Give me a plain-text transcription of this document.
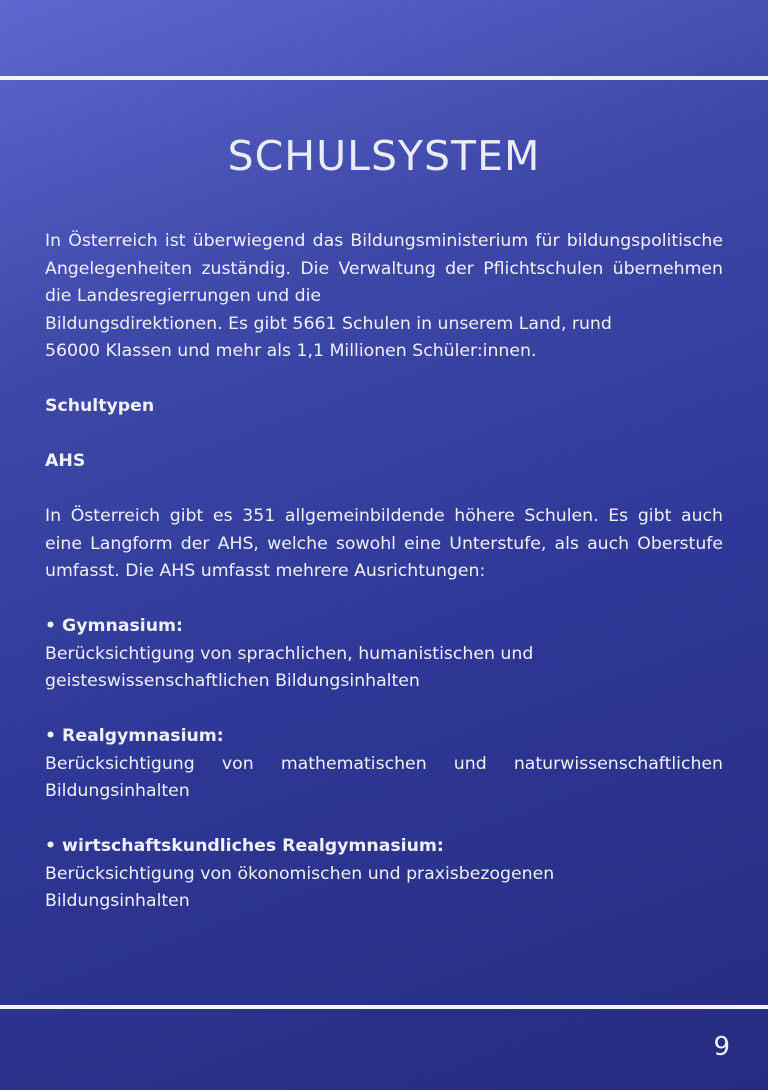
SCHULSYSTEM

In Österreich ist überwiegend das Bildungsministerium für bildungspolitische Angelegenheiten zuständig. Die Verwaltung der Pflichtschulen übernehmen die Landesregierrungen und die

Bildungsdirektionen. Es gibt 5661 Schulen in unserem Land, rund

56000 Klassen und mehr als 1,1 Millionen Schüler:innen.

Schultypen

AHS

In Österreich gibt es 351 allgemeinbildende höhere Schulen. Es gibt auch eine Langform der AHS, welche sowohl eine Unterstufe, als auch Oberstufe umfasst. Die AHS umfasst mehrere Ausrichtungen:

• Gymnasium:

Berücksichtigung von sprachlichen, humanistischen und

geisteswissenschaftlichen Bildungsinhalten

• Realgymnasium:

Berücksichtigung von mathematischen und naturwissenschaftlichen Bildungsinhalten

• wirtschaftskundliches Realgymnasium:

Berücksichtigung von ökonomischen und praxisbezogenen

Bildungsinhalten

9
